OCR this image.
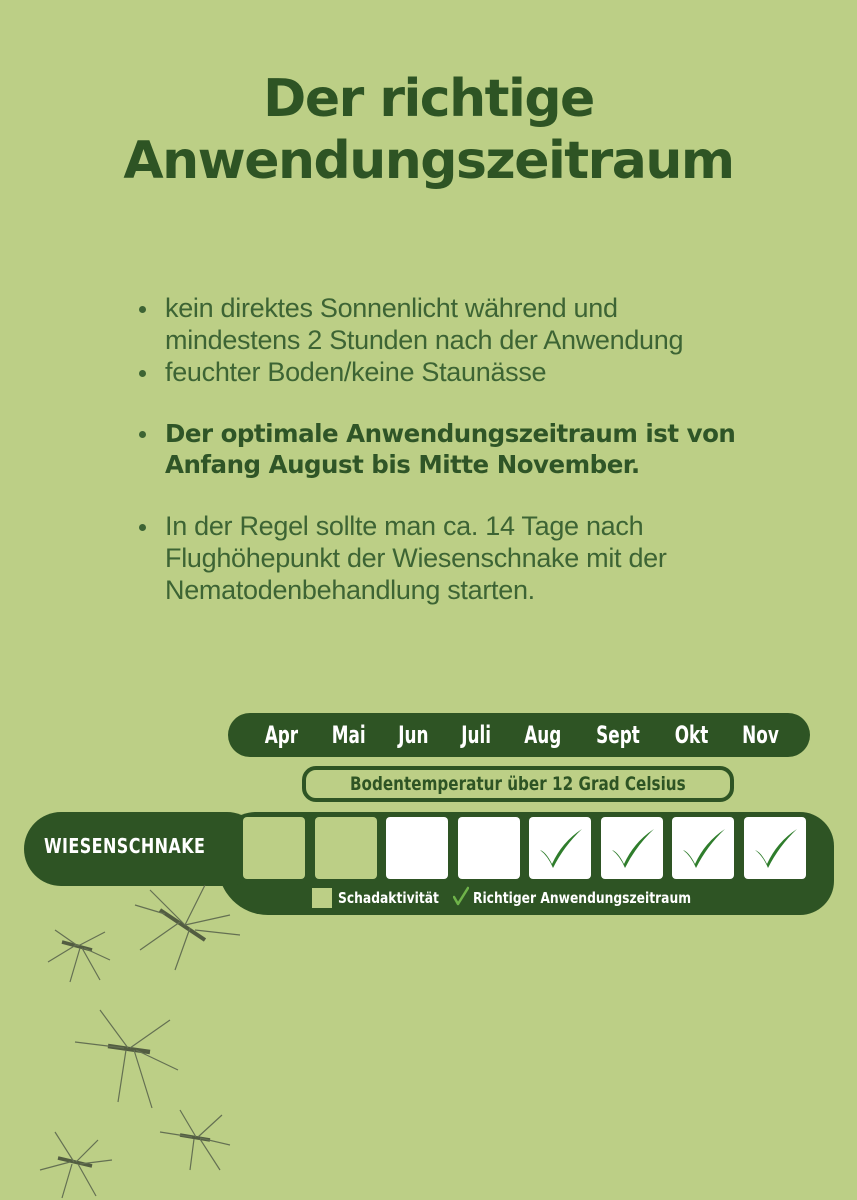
Der richtige
Anwendungszeitraum
kein direktes Sonnenlicht während und
mindestens 2 Stunden nach der Anwendung
feuchter Boden/keine Staunässe
Der optimale Anwendungszeitraum ist von
Anfang August bis Mitte November.
In der Regel sollte man ca. 14 Tage nach
Flughöhepunkt der Wiesenschnake mit der
Nematodenbehandlung starten.
Apr Mai Jun Juli Aug Sept Okt Nov
Bodentemperatur über 12 Grad Celsius
WIESENSCHNAKE
Schadaktivität Richtiger Anwendungszeitraum
